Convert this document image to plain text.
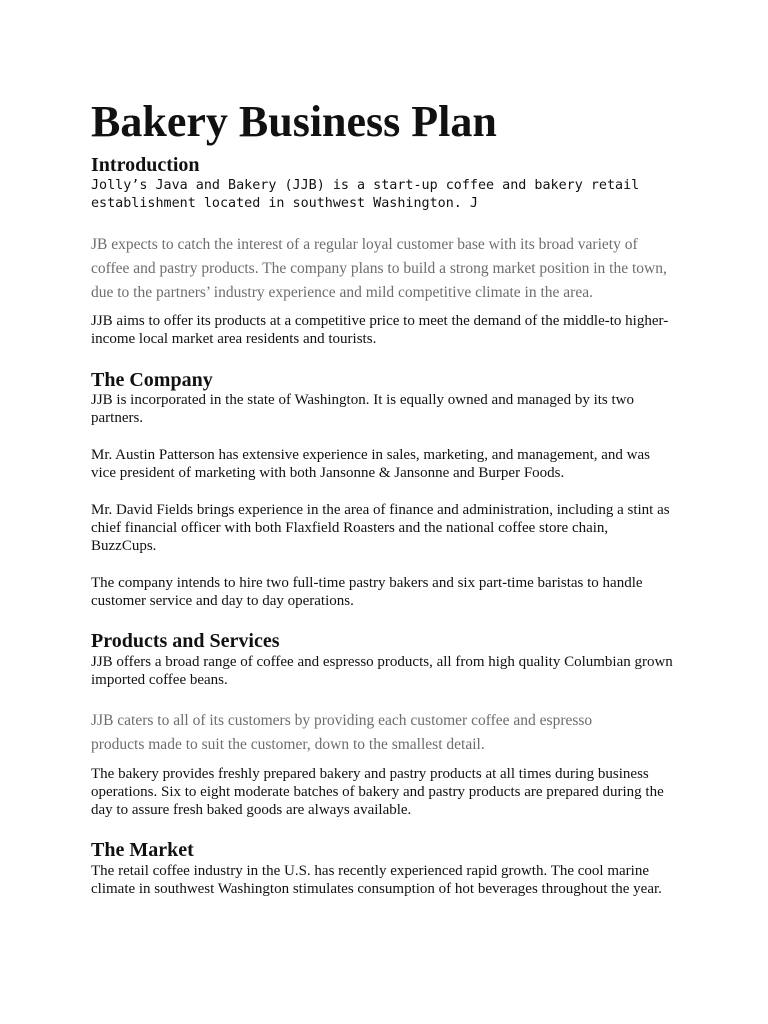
Bakery Business Plan
Introduction

Jolly’s Java and Bakery (JJB) is a start-up coffee and bakery retail establishment located in southwest Washington. J

JB expects to catch the interest of a regular loyal customer base with its broad variety of coffee and pastry products. The company plans to build a strong market position in the town, due to the partners’ industry experience and mild competitive climate in the area.

JJB aims to offer its products at a competitive price to meet the demand of the middle-to higher-income local market area residents and tourists.

The Company

JJB is incorporated in the state of Washington. It is equally owned and managed by its two partners.

Mr. Austin Patterson has extensive experience in sales, marketing, and management, and was vice president of marketing with both Jansonne & Jansonne and Burper Foods.

Mr. David Fields brings experience in the area of finance and administration, including a stint as chief financial officer with both Flaxfield Roasters and the national coffee store chain, BuzzCups.

The company intends to hire two full-time pastry bakers and six part-time baristas to handle customer service and day to day operations.

Products and Services

JJB offers a broad range of coffee and espresso products, all from high quality Columbian grown imported coffee beans.

JJB caters to all of its customers by providing each customer coffee and espresso products made to suit the customer, down to the smallest detail.

The bakery provides freshly prepared bakery and pastry products at all times during business operations. Six to eight moderate batches of bakery and pastry products are prepared during the day to assure fresh baked goods are always available.

The Market

The retail coffee industry in the U.S. has recently experienced rapid growth. The cool marine climate in southwest Washington stimulates consumption of hot beverages throughout the year.
